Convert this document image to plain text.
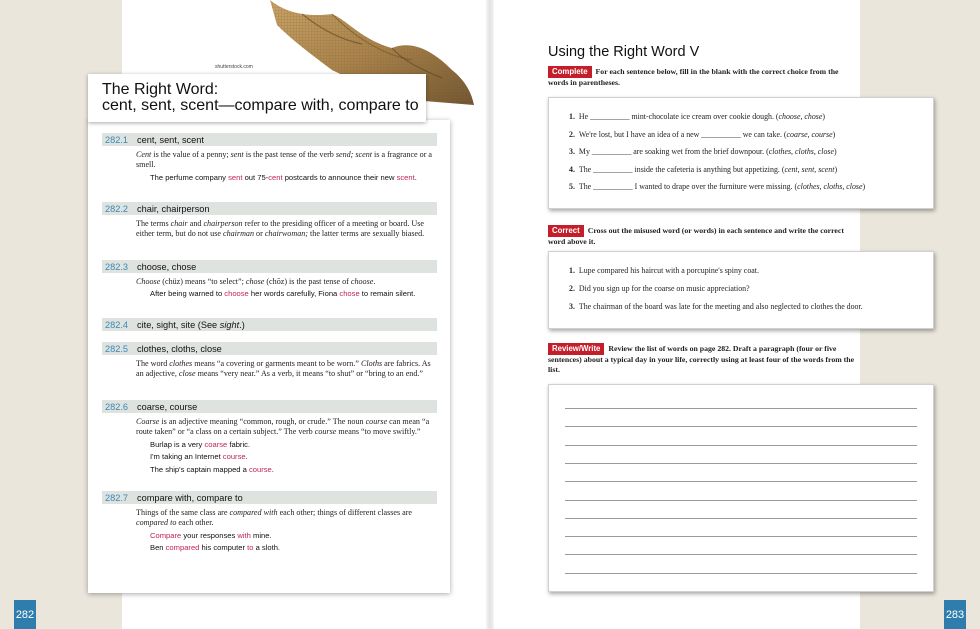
shutterstock.com
The Right Word:
cent, sent, scent—compare with, compare to
282.1 cent, sent, scent
Cent is the value of a penny; sent is the past tense of the verb send; scent is a fragrance or a smell.
The perfume company sent out 75-cent postcards to announce their new scent.
282.2 chair, chairperson
The terms chair and chairperson refer to the presiding officer of a meeting or board. Use either term, but do not use chairman or chairwoman; the latter terms are sexually biased.
282.3 choose, chose
Choose (chüz) means “to select”; chose (chōz) is the past tense of choose.
After being warned to choose her words carefully, Fiona chose to remain silent.
282.4 cite, sight, site (See sight.)
282.5 clothes, cloths, close
The word clothes means “a covering or garments meant to be worn.” Cloths are fabrics. As an adjective, close means “very near.” As a verb, it means “to shut” or “bring to an end.”
282.6 coarse, course
Coarse is an adjective meaning “common, rough, or crude.” The noun course can mean “a route taken” or “a class on a certain subject.” The verb course means “to move swiftly.”
Burlap is a very coarse fabric.
I'm taking an Internet course.
The ship's captain mapped a course.
282.7 compare with, compare to
Things of the same class are compared with each other; things of different classes are compared to each other.
Compare your responses with mine.
Ben compared his computer to a sloth.
282	283
Using the Right Word V
Complete For each sentence below, fill in the blank with the correct choice from the words in parentheses.
1. He __________ mint-chocolate ice cream over cookie dough. (choose, chose)
2. We're lost, but I have an idea of a new __________ we can take. (coarse, course)
3. My __________ are soaking wet from the brief downpour. (clothes, cloths, close)
4. The __________ inside the cafeteria is anything but appetizing. (cent, sent, scent)
5. The __________ I wanted to drape over the furniture were missing. (clothes, cloths, close)
Correct Cross out the misused word (or words) in each sentence and write the correct word above it.
1. Lupe compared his haircut with a porcupine's spiny coat.
2. Did you sign up for the coarse on music appreciation?
3. The chairman of the board was late for the meeting and also neglected to clothes the door.
Review/Write Review the list of words on page 282. Draft a paragraph (four or five sentences) about a typical day in your life, correctly using at least four of the words from the list.
